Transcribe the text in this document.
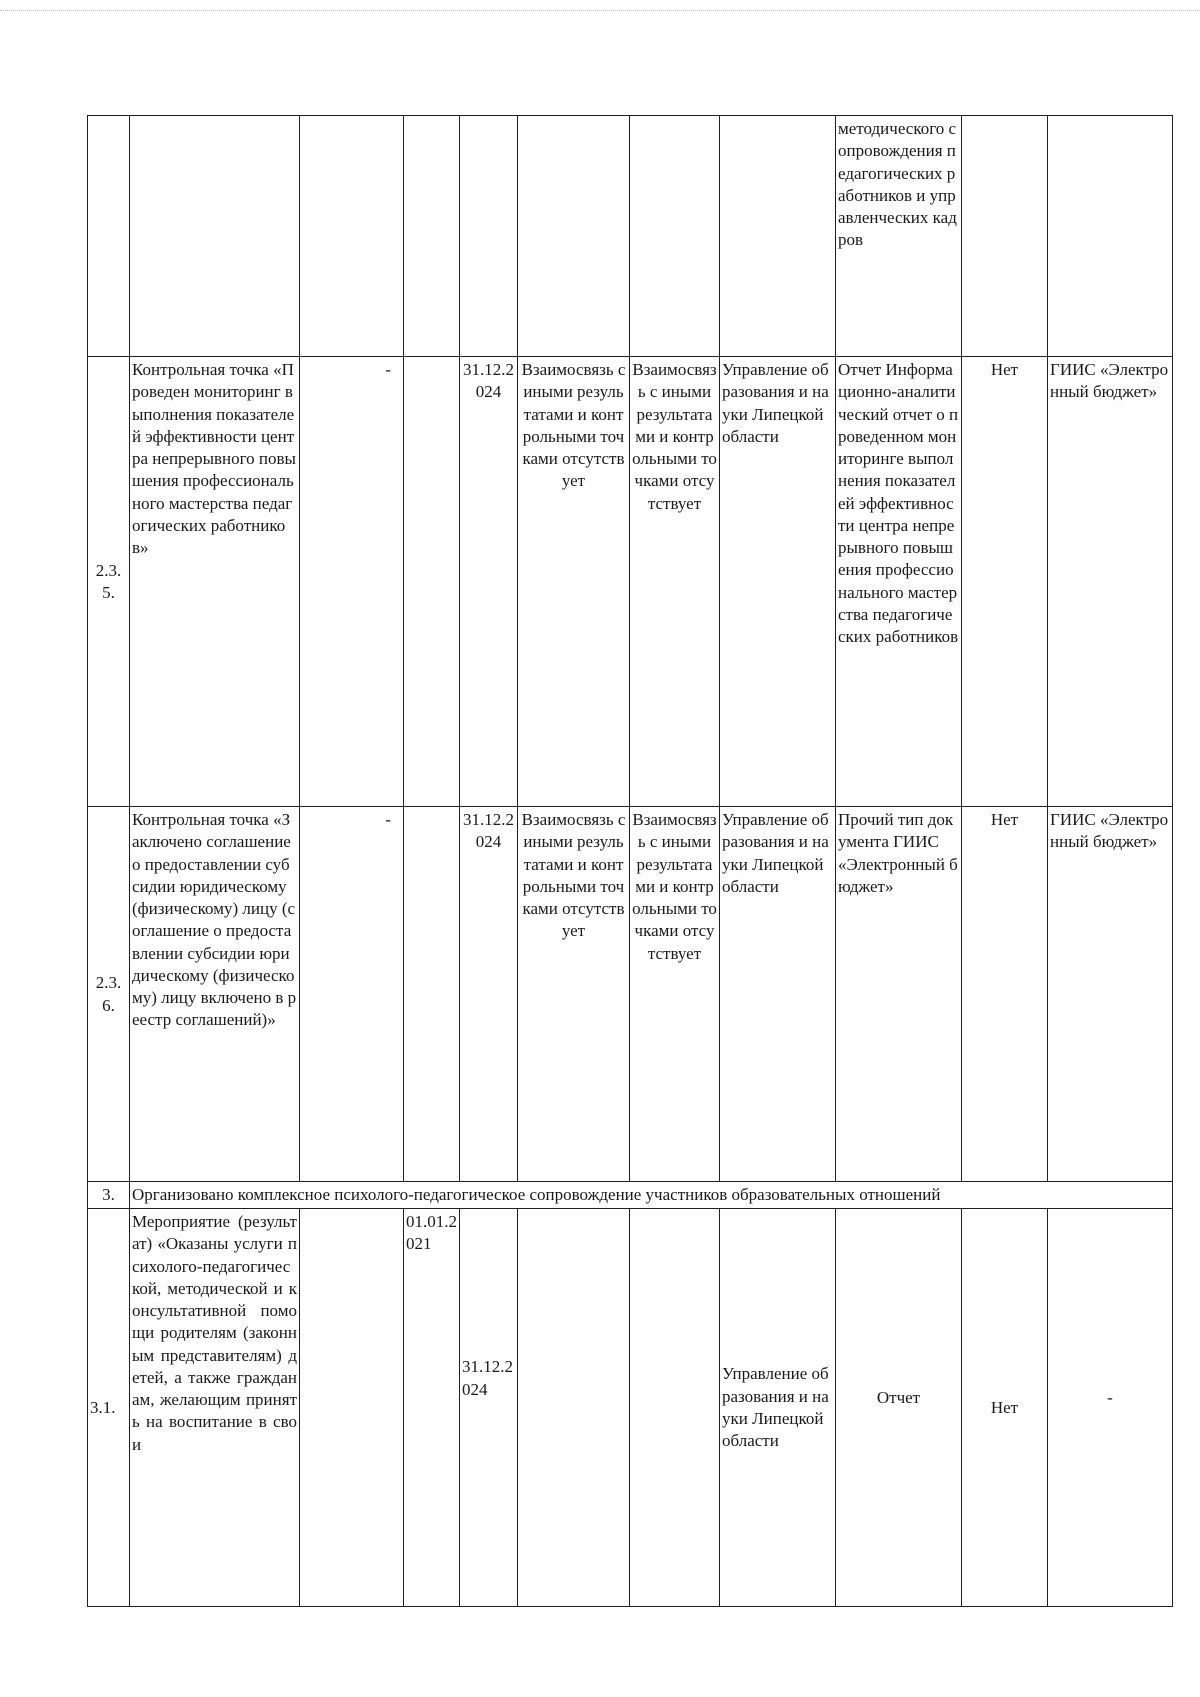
								методического сопровождения педагогических работников и управленческих кадров		
2.3.5.	Контрольная точка «Проведен мониторинг выполнения показателей эффективности центра непрерывного повышения профессионального мастерства педагогических работников»	-		31.12.2024	Взаимосвязь с иными результатами и контрольными точками отсутствует	Взаимосвязь с иными результатами и контрольными точками отсутствует	Управление образования и науки Липецкой области	Отчет Информационно-аналитический отчет о проведенном мониторинге выполнения показателей эффективности центра непрерывного повышения профессионального мастерства педагогических работников	Нет	ГИИС «Электронный бюджет»
2.3.6.	Контрольная точка «Заключено соглашение о предоставлении субсидии юридическому (физическому) лицу (соглашение о предоставлении субсидии юридическому (физическому) лицу включено в реестр соглашений)»	-		31.12.2024	Взаимосвязь с иными результатами и контрольными точками отсутствует	Взаимосвязь с иными результатами и контрольными точками отсутствует	Управление образования и науки Липецкой области	Прочий тип документа ГИИС «Электронный бюджет»	Нет	ГИИС «Электронный бюджет»
3.	Организовано комплексное психолого-педагогическое сопровождение участников образовательных отношений									
3.1.	Мероприятие (результат) «Оказаны услуги психолого-педагогической, методической и консультативной помощи родителям (законным представителям) детей, а также гражданам, желающим принять на воспитание в свои		01.01.2021	31.12.2024			Управление образования и науки Липецкой области	Отчет	Нет	-
